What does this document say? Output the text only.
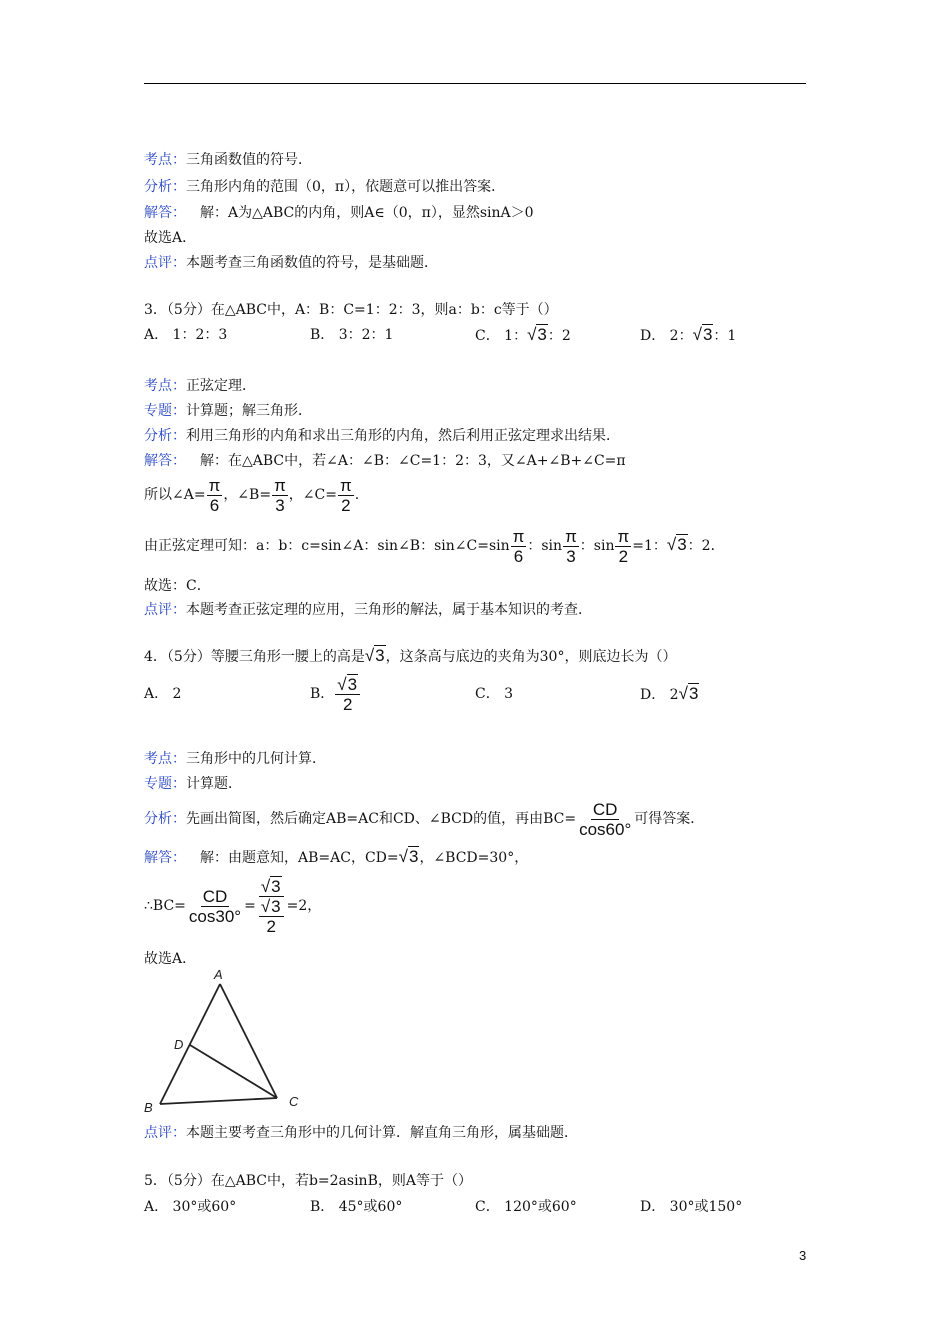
考点：三角函数值的符号．
分析：三角形内角的范围（0，π），依题意可以推出答案．
解答： 解：A为△ABC的内角，则A∈（0，π），显然sinA＞0
故选A．
点评：本题考查三角函数值的符号，是基础题．
3．（5分）在△ABC中，A：B：C=1：2：3，则a：b：c等于（）
A． 1：2：3	B． 3：2：1	C． 1：√3：2	D． 2：√3：1
考点：正弦定理．
专题：计算题；解三角形．
分析：利用三角形的内角和求出三角形的内角，然后利用正弦定理求出结果．
解答： 解：在△ABC中，若∠A：∠B：∠C=1：2：3，又∠A+∠B+∠C=π
所以∠A= $\frac{\pi}{6}$ ，∠B= $\frac{\pi}{3}$ ，∠C= $\frac{\pi}{2}$ .
由正弦定理可知：a：b：c=sin∠A：sin∠B：sin∠C=sin $\frac{\pi}{6}$ ：$\sin \frac{\pi}{3}$ ：$\sin \frac{\pi}{2} =1$：√3：2．
故选：C．
点评：本题考查正弦定理的应用，三角形的解法，属于基本知识的考查．
4．（5分）等腰三角形一腰上的高是√3，这条高与底边的夹角为30°，则底边长为（）
A． 2	B． $\frac{√3}{2}$	C． 3	D． 2√3
考点：三角形中的几何计算．
专题：计算题．
分析：先画出简图，然后确定AB=AC和CD、∠BCD的值，再由$BC= \frac{CD}{\cos 60^\circ}$ 可得答案．
解答： 解：由题意知，AB=AC，CD=√3，∠BCD=30°，
∴BC= $\frac{CD}{\cos 30^\circ} = \frac{√3}{\frac{√3}{2}} =2$，
故选A．
A
D
B	C
点评：本题主要考查三角形中的几何计算．解直角三角形，属基础题．
5．（5分）在△ABC中，若b=2asinB，则A等于（）
A． 30°或60°	B． 45°或60°	C． 120°或60°	D． 30°或150°
3
